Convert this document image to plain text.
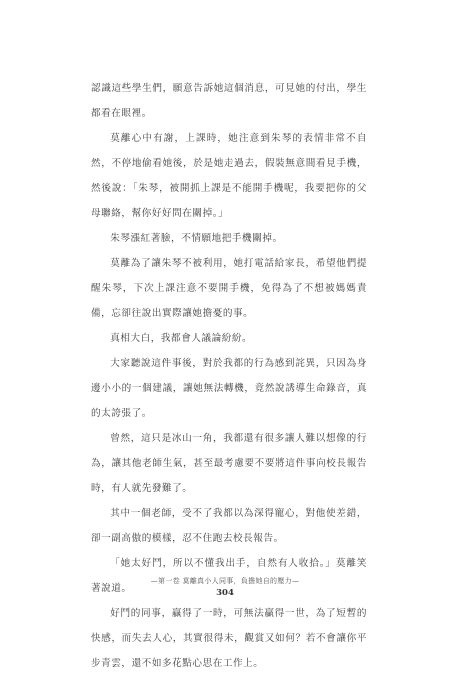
認識這些學生們，願意告訴她這個消息，可見她的付出，學生都看在眼裡。

莫離心中有謝，上課時，她注意到朱琴的表情非常不自然，不停地偷看她後，於是她走過去，假裝無意間看見手機，然後說：「朱琴，被開抓上課是不能開手機呢，我要把你的父母聯絡，幫你好好問在關掉。」

朱琴漲紅著臉，不情願地把手機關掉。

莫離為了讓朱琴不被利用，她打電話給家長，希望他們提醒朱琴，下次上課注意不要開手機，免得為了不想被媽媽責備，忘卻往說出實際讓她擔憂的事。

真相大白，我都會人議論紛紛。

大家聽說這件事後，對於我都的行為感到詫異，只因為身邊小小的一個建議，讓她無法轉機，竟然說誘導生命錄音，真的太誇張了。

曾然，這只是冰山一角，我都還有很多讓人難以想像的行為，讓其他老師生氣，甚至最考慮要不要將這件事向校長報告時，有人就先發難了。

其中一個老師，受不了我都以為深得寵心，對他使差錯，卻一副高傲的模樣，忍不住跑去校長報告。

「她太好鬥，所以不懂我出手，自然有人收拾。」莫離笑著說道。

好鬥的同事，贏得了一時，可無法贏得一世，為了短暫的快感，而失去人心，其實很得未，觀賞又如何？若不會讓你平步青雲，還不如多花點心思在工作上。

—第一卷 莫離真小人同事，負擔她自的壓力—
304
